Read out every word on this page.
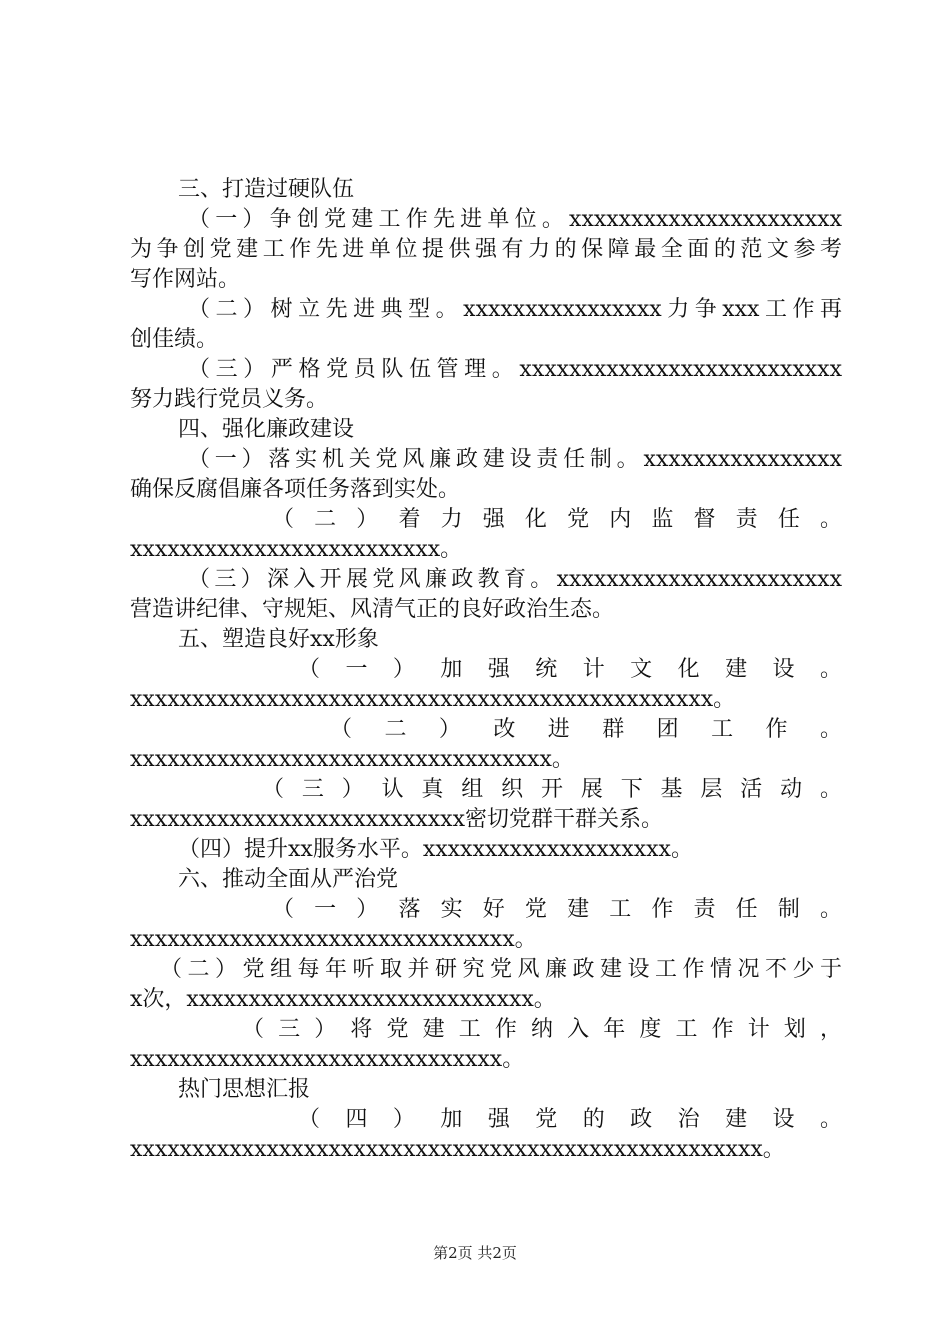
三、打造过硬队伍
（一）争创党建工作先进单位。xxxxxxxxxxxxxxxxxxxxxx
为争创党建工作先进单位提供强有力的保障最全面的范文参考
写作网站。
（二）树立先进典型。xxxxxxxxxxxxxxxx力争xxx工作再
创佳绩。
（三）严格党员队伍管理。xxxxxxxxxxxxxxxxxxxxxxxxxx
努力践行党员义务。
四、强化廉政建设
（一）落实机关党风廉政建设责任制。xxxxxxxxxxxxxxxx
确保反腐倡廉各项任务落到实处。
（二）着力强化党内监督责任。
xxxxxxxxxxxxxxxxxxxxxxxxx。
（三）深入开展党风廉政教育。xxxxxxxxxxxxxxxxxxxxxxx
营造讲纪律、守规矩、风清气正的良好政治生态。
五、塑造良好xx形象
（一）加强统计文化建设。
xxxxxxxxxxxxxxxxxxxxxxxxxxxxxxxxxxxxxxxxxxxxxxx。
（二）改进群团工作。
xxxxxxxxxxxxxxxxxxxxxxxxxxxxxxxxxx。
（三）认真组织开展下基层活动。
xxxxxxxxxxxxxxxxxxxxxxxxxxx密切党群干群关系。
（四）提升xx服务水平。xxxxxxxxxxxxxxxxxxxx。
六、推动全面从严治党
（一）落实好党建工作责任制。
xxxxxxxxxxxxxxxxxxxxxxxxxxxxxxx。
（二）党组每年听取并研究党风廉政建设工作情况不少于
x次，xxxxxxxxxxxxxxxxxxxxxxxxxxxx。
（三）将党建工作纳入年度工作计划，
xxxxxxxxxxxxxxxxxxxxxxxxxxxxxx。
热门思想汇报
（四）加强党的政治建设。
xxxxxxxxxxxxxxxxxxxxxxxxxxxxxxxxxxxxxxxxxxxxxxxxxxx。
第2页 共2页
